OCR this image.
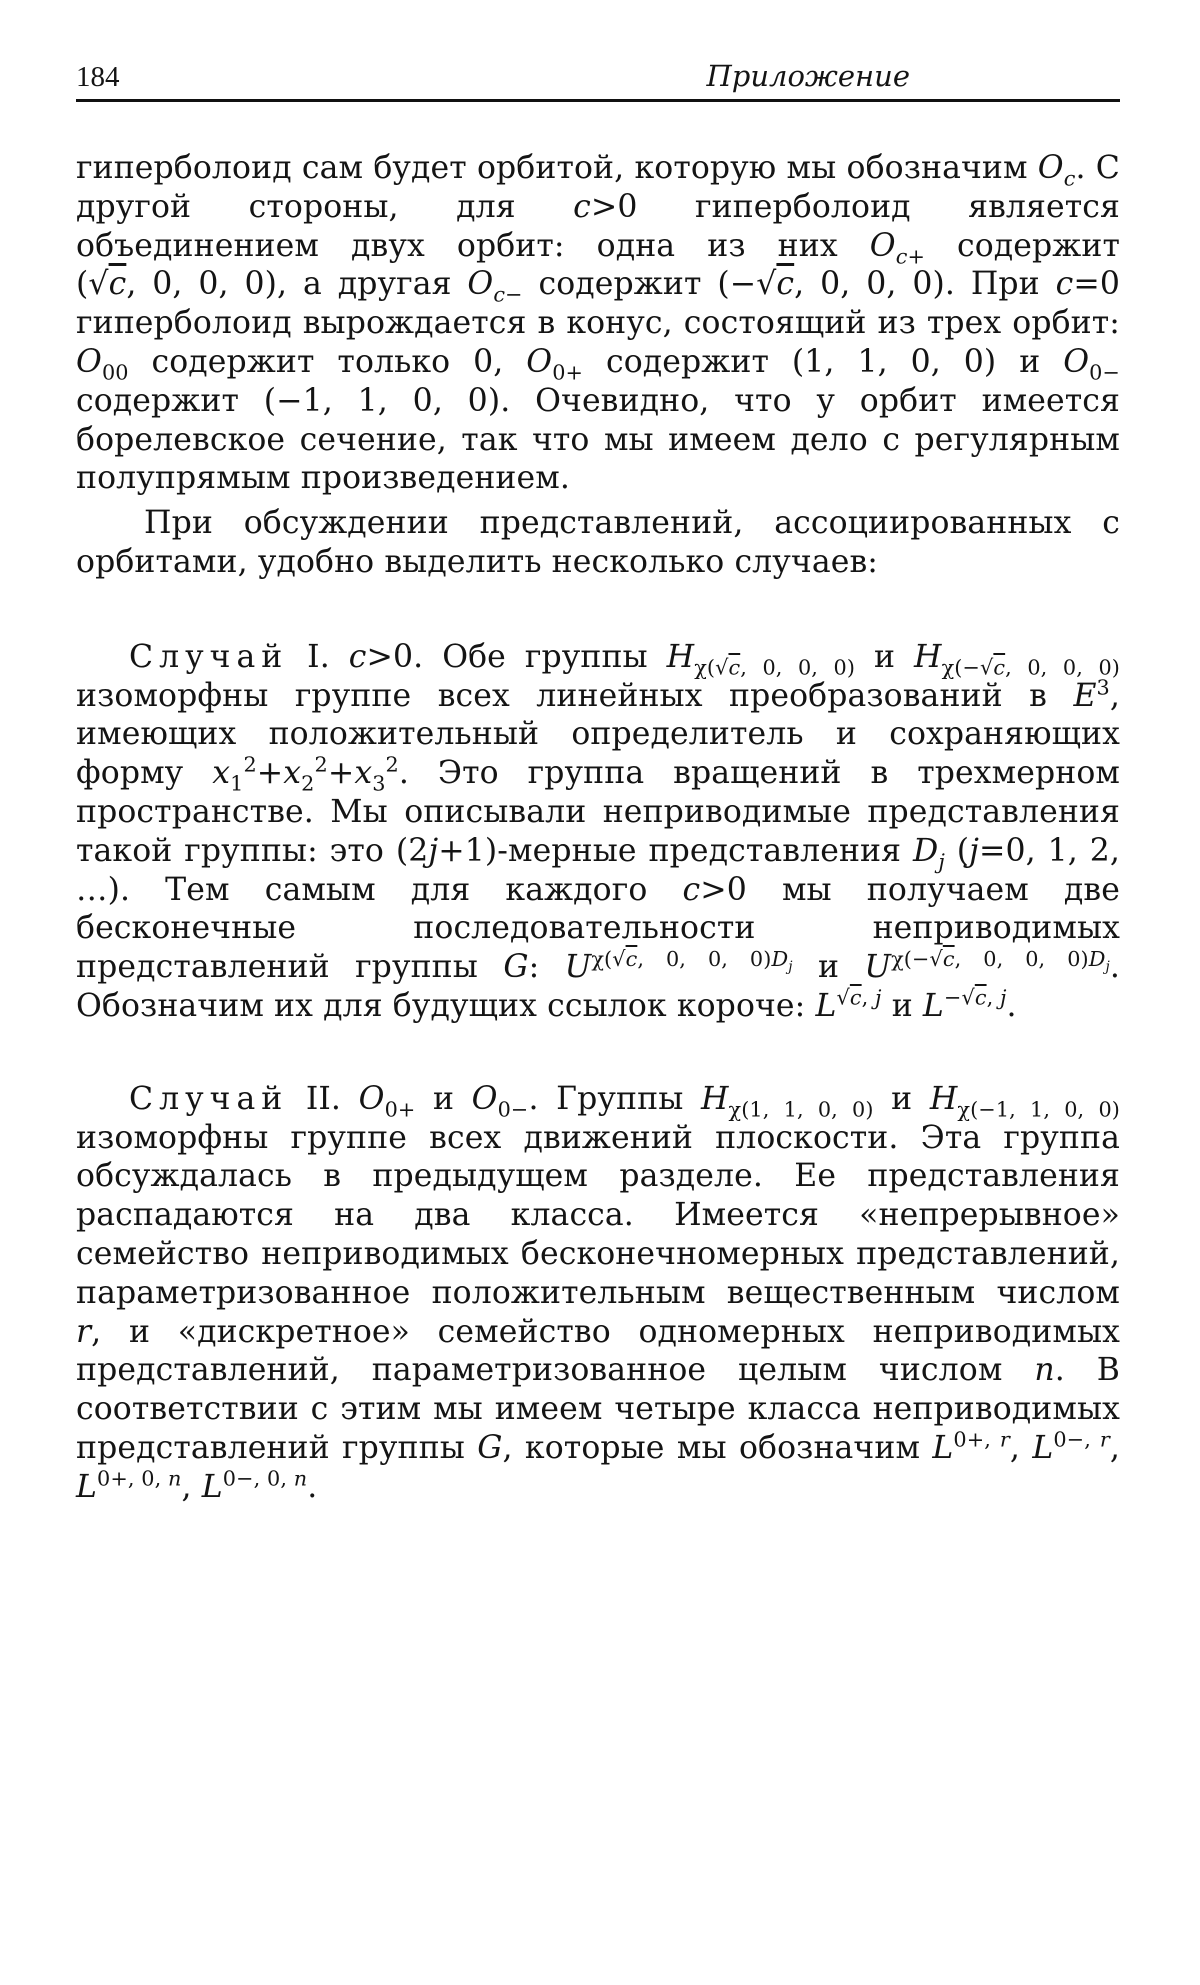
184	Приложение

гиперболоид сам будет орбитой, которую мы обозначим $O_c$. С другой стороны, для c>0 гиперболоид является объединением двух орбит: одна из них $O_{c+}$ содержит (√c, 0, 0, 0), а другая $O_{c-}$ содержит (−√c, 0, 0, 0). При c=0 гиперболоид вырождается в конус, состоящий из трех орбит: $O_{00}$ содержит только 0, $O_{0+}$ содержит (1, 1, 0, 0) и $O_{0-}$ содержит (−1, 1, 0, 0). Очевидно, что у орбит имеется борелевское сечение, так что мы имеем дело с регулярным полупрямым произведением.

При обсуждении представлений, ассоциированных с орбитами, удобно выделить несколько случаев:

Случай I. c>0. Обе группы $H_{\chi(√c, 0, 0, 0)}$ и $H_{\chi(-√c, 0, 0, 0)}$ изоморфны группе всех линейных преобразований в $E^3$, имеющих положительный определитель и сохраняющих форму $x_1^2+x_2^2+x_3^2$. Это группа вращений в трехмерном пространстве. Мы описывали неприводимые представления такой группы: это (2j+1)-мерные представления $D_j$ (j=0, 1, 2, …). Тем самым для каждого c>0 мы получаем две бесконечные последовательности неприводимых представлений группы G: $U^{\chi(√c, 0, 0, 0)D_j}$ и $U^{\chi(-√c, 0, 0, 0)D_j}$. Обозначим их для будущих ссылок короче: $L^{√c, j}$ и $L^{-√c, j}$.

Случай II. $O_{0+}$ и $O_{0-}$. Группы $H_{\chi(1, 1, 0, 0)}$ и $H_{\chi(-1, 1, 0, 0)}$ изоморфны группе всех движений плоскости. Эта группа обсуждалась в предыдущем разделе. Ее представления распадаются на два класса. Имеется «непрерывное» семейство неприводимых бесконечномерных представлений, параметризованное положительным вещественным числом r, и «дискретное» семейство одномерных неприводимых представлений, параметризованное целым числом n. В соответствии с этим мы имеем четыре класса неприводимых представлений группы G, которые мы обозначим $L^{0+, r}$, $L^{0-, r}$, $L^{0+, 0, n}$, $L^{0-, 0, n}$.
